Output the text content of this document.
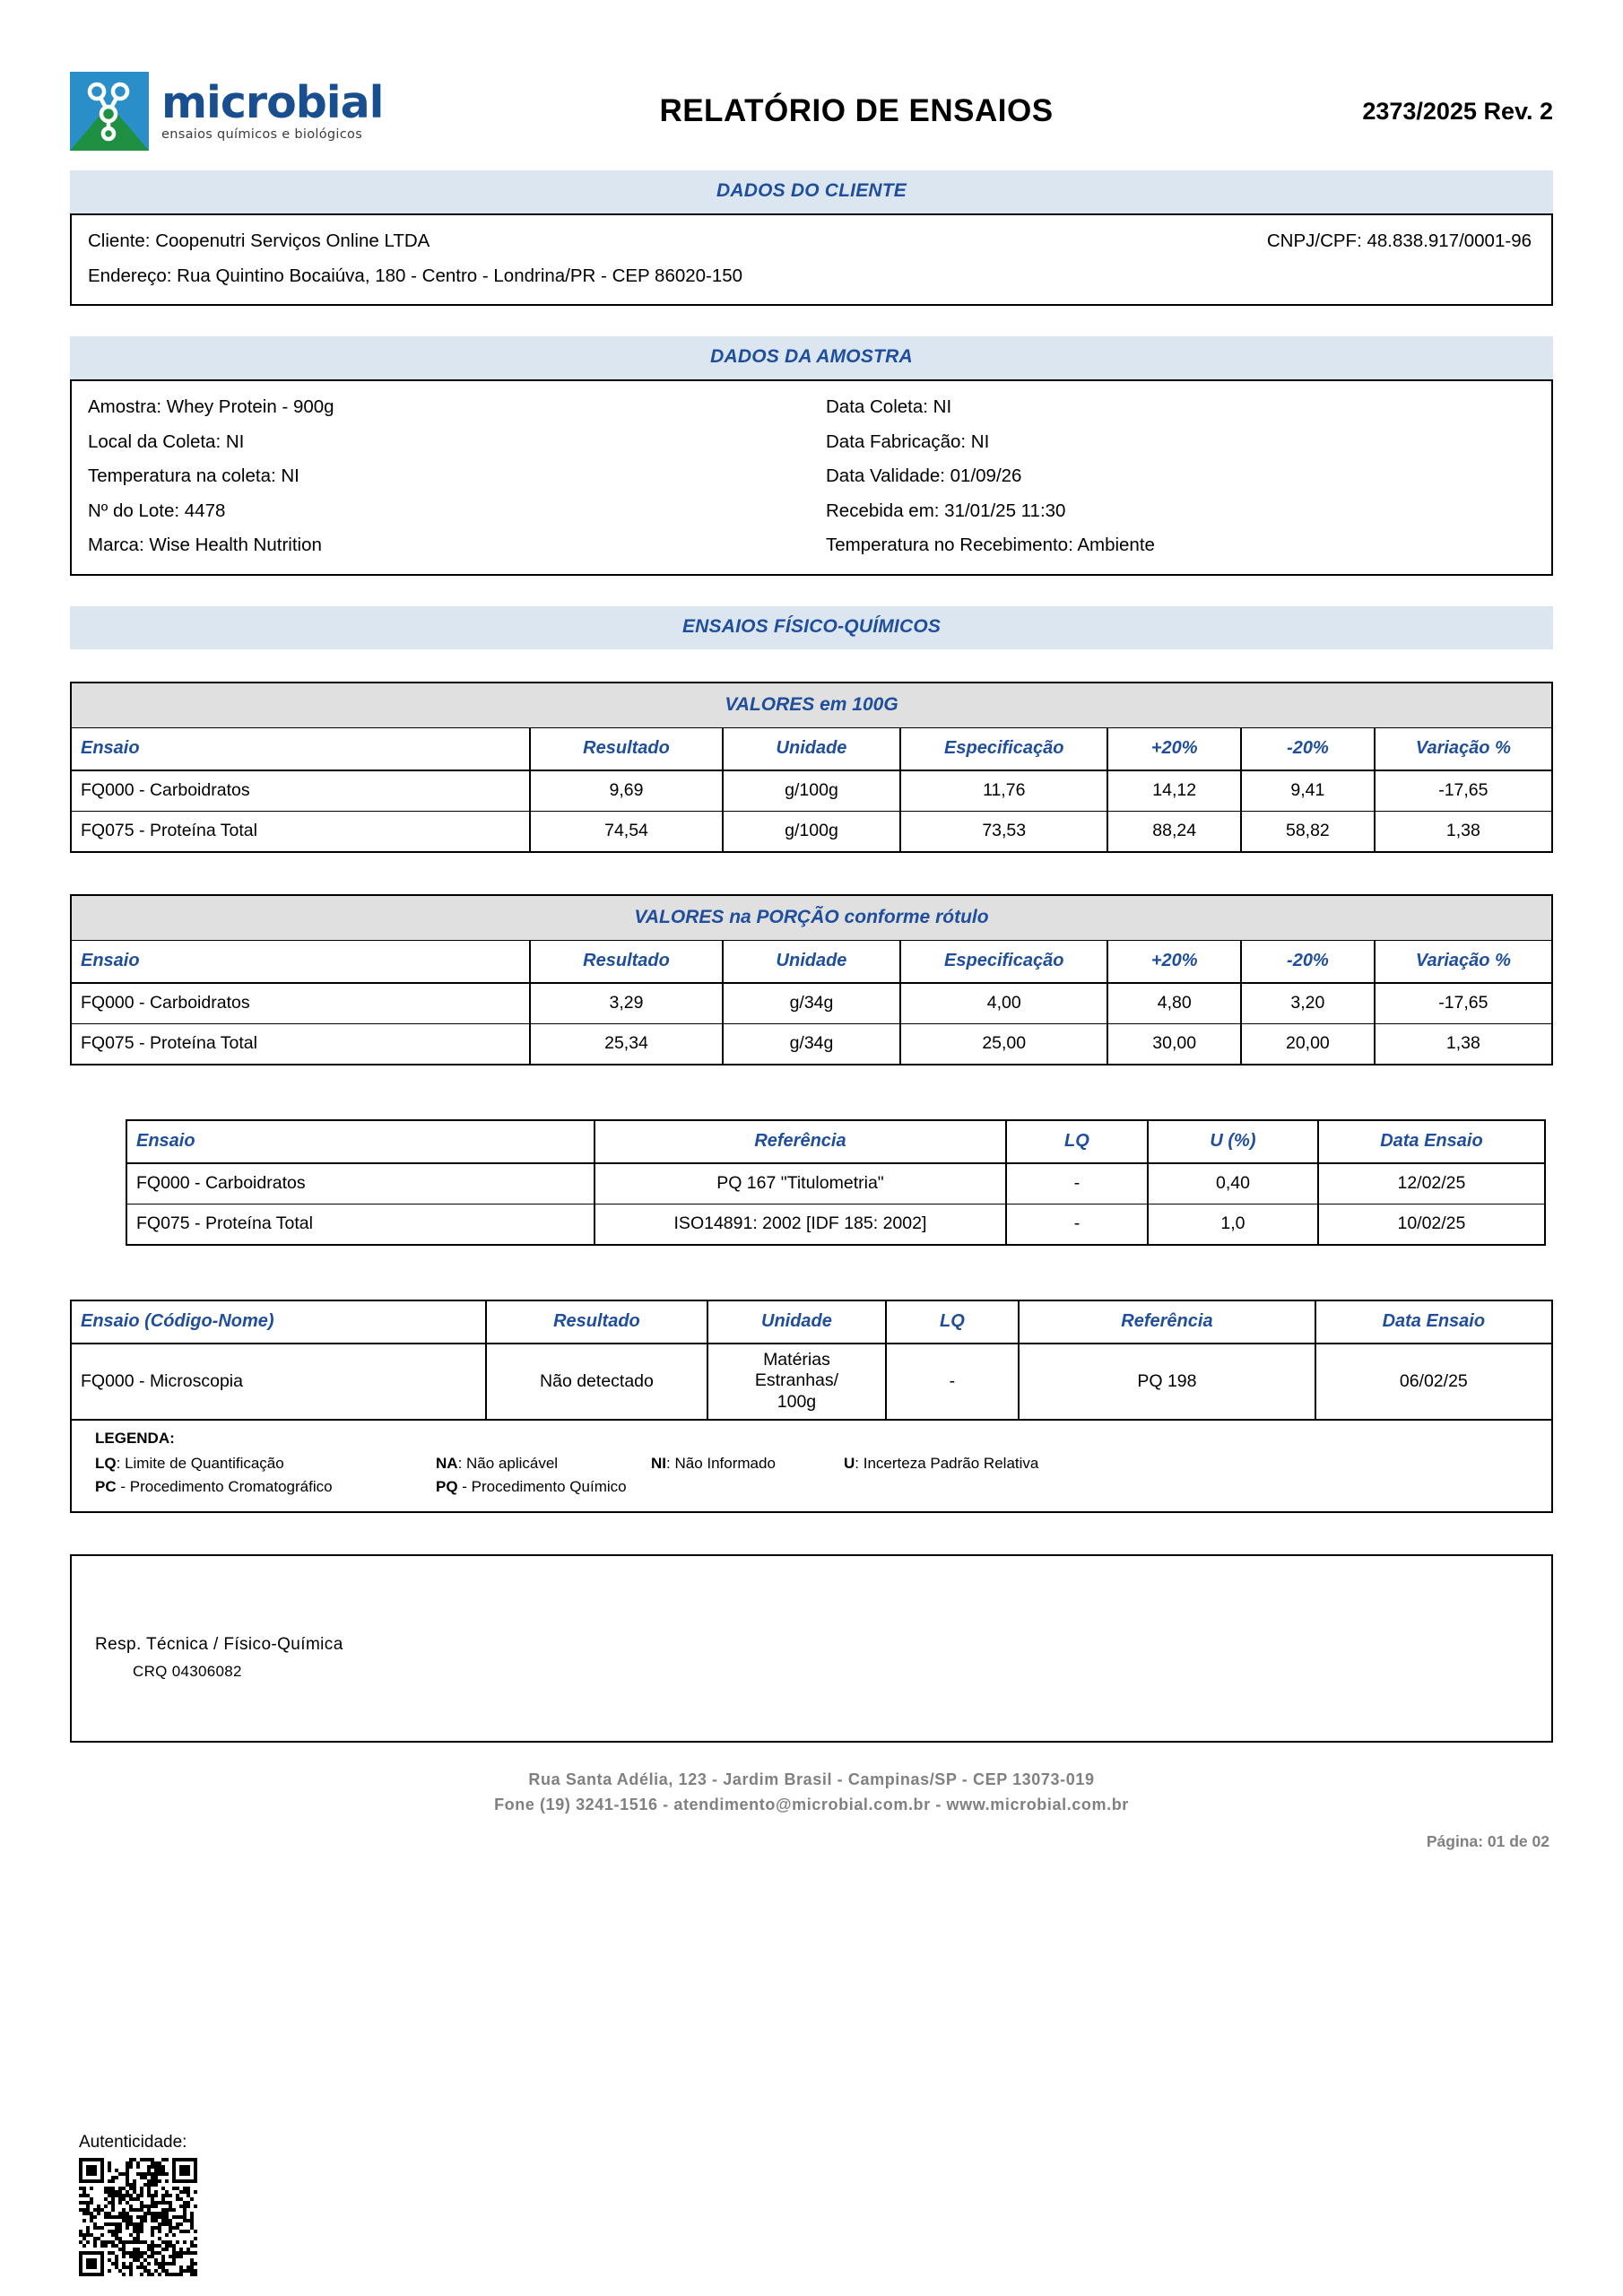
microbial
ensaios químicos e biológicos
RELATÓRIO DE ENSAIOS	2373/2025 Rev. 2
DADOS DO CLIENTE
Cliente: Coopenutri Serviços Online LTDA	CNPJ/CPF: 48.838.917/0001-96
Endereço: Rua Quintino Bocaiúva, 180 - Centro - Londrina/PR - CEP 86020-150
DADOS DA AMOSTRA
Amostra: Whey Protein - 900g	Data Coleta: NI
Local da Coleta: NI	Data Fabricação: NI
Temperatura na coleta: NI	Data Validade: 01/09/26
Nº do Lote: 4478	Recebida em: 31/01/25 11:30
Marca: Wise Health Nutrition	Temperatura no Recebimento: Ambiente
ENSAIOS FÍSICO-QUÍMICOS
VALORES em 100G						
Ensaio	Resultado	Unidade	Especificação	+20%	-20%	Variação %
FQ000 - Carboidratos	9,69	g/100g	11,76	14,12	9,41	-17,65
FQ075 - Proteína Total	74,54	g/100g	73,53	88,24	58,82	1,38
VALORES na PORÇÃO conforme rótulo						
Ensaio	Resultado	Unidade	Especificação	+20%	-20%	Variação %
FQ000 - Carboidratos	3,29	g/34g	4,00	4,80	3,20	-17,65
FQ075 - Proteína Total	25,34	g/34g	25,00	30,00	20,00	1,38
Ensaio	Referência	LQ	U (%)	Data Ensaio
FQ000 - Carboidratos	PQ 167 "Titulometria"	-	0,40	12/02/25
FQ075 - Proteína Total	ISO14891: 2002 [IDF 185: 2002]	-	1,0	10/02/25
Ensaio (Código-Nome)	Resultado	Unidade	LQ	Referência	Data Ensaio
FQ000 - Microscopia	Não detectado	Matérias
Estranhas/
100g	-	PQ 198	06/02/25
LEGENDA:
LQ: Limite de Quantificação	NA: Não aplicável	NI: Não Informado	U: Incerteza Padrão Relativa
PC - Procedimento Cromatográfico	PQ - Procedimento Químico
Resp. Técnica / Físico-Química
CRQ 04306082
Rua Santa Adélia, 123 - Jardim Brasil - Campinas/SP - CEP 13073-019
Fone (19) 3241-1516 - atendimento@microbial.com.br - www.microbial.com.br
Página: 01 de 02
Autenticidade:
